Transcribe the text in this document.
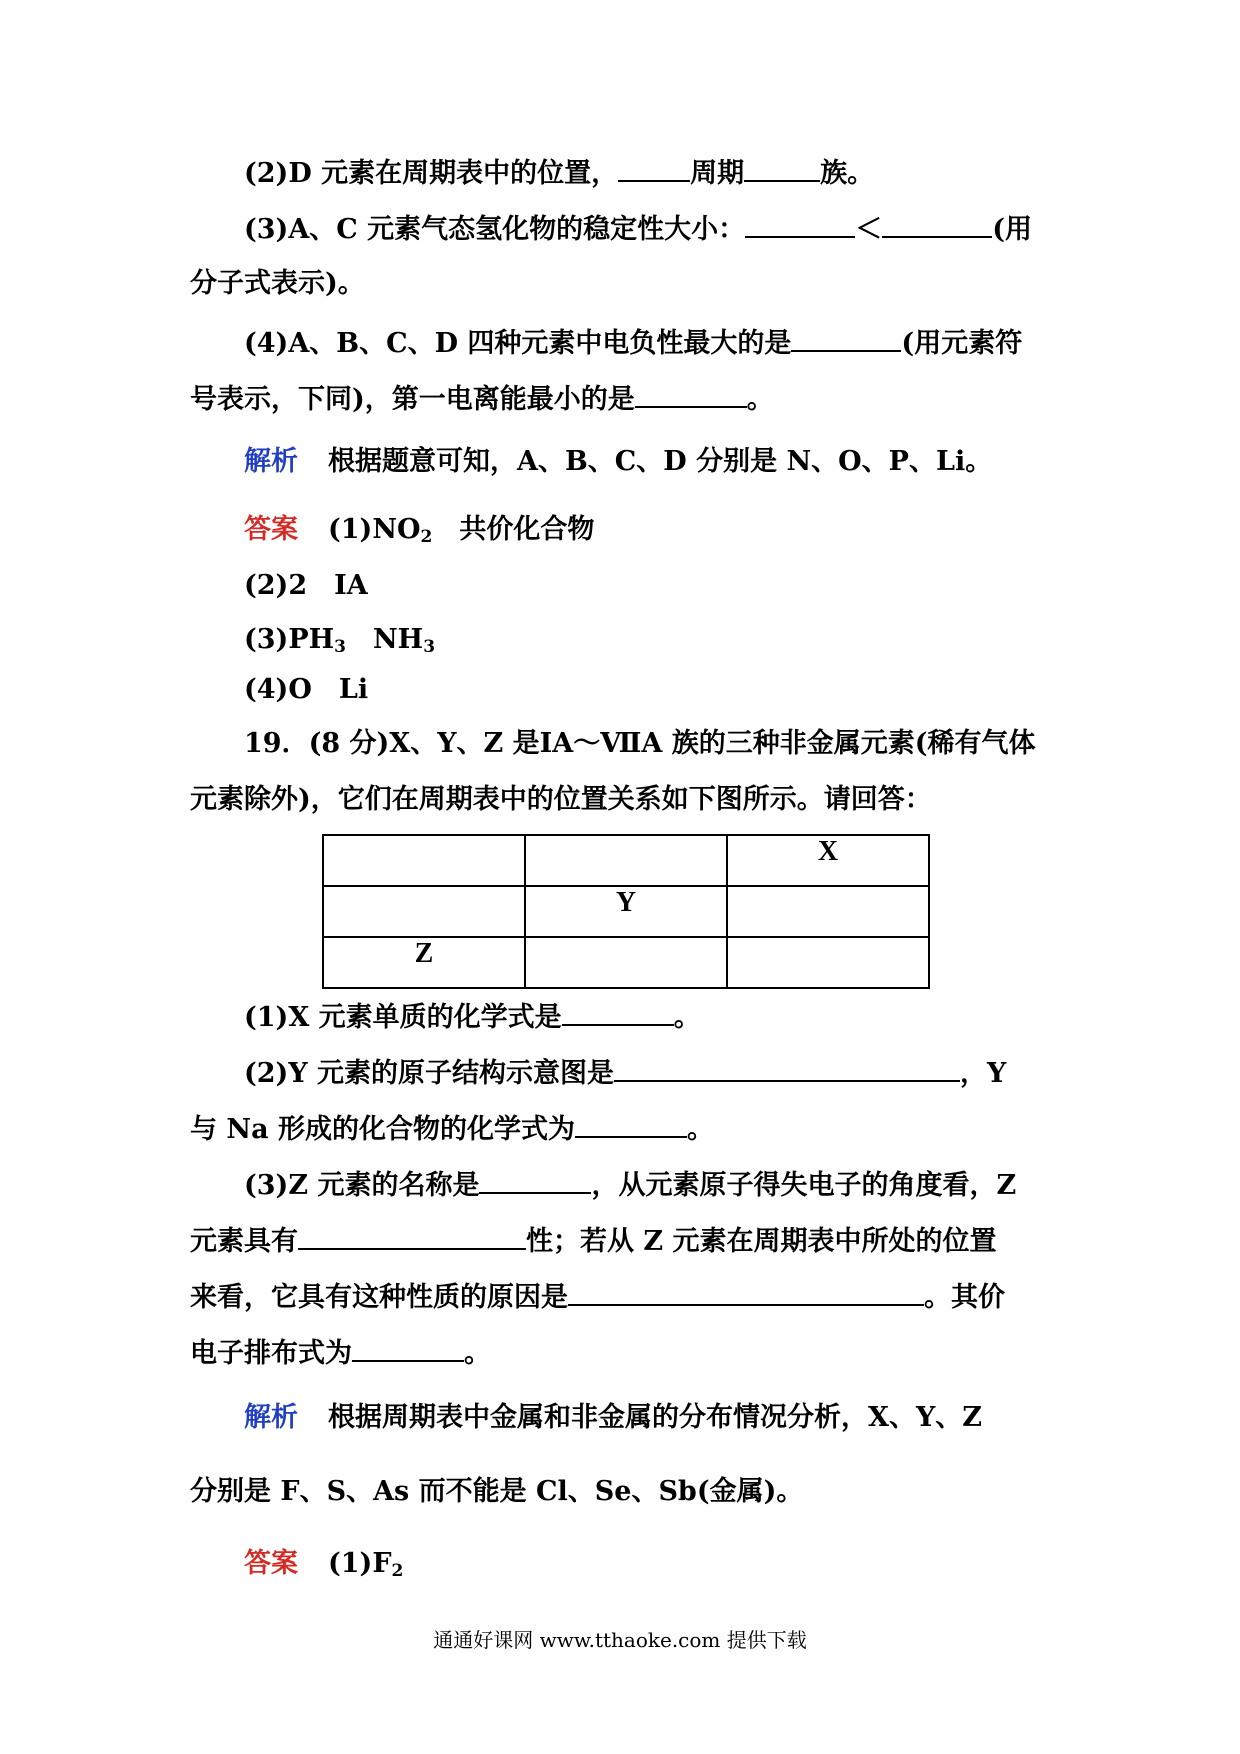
(2)D 元素在周期表中的位置，	周期	族。
(3)A、C 元素气态氢化物的稳定性大小：	＜	(用
分子式表示)。
(4)A、B、C、D 四种元素中电负性最大的是	(用元素符
号表示，下同)，第一电离能最小的是	。
解析 根据题意可知，A、B、C、D 分别是 N、O、P、Li。
答案 $(1)NO_2$　共价化合物
(2)2　ⅠA
$(3)PH_3$　$NH_3$
(4)O　Li
19．(8 分)X、Y、Z 是ⅠA～ⅦA 族的三种非金属元素(稀有气体
元素除外)，它们在周期表中的位置关系如下图所示。请回答：
		X
	Y	
Z		
(1)X 元素单质的化学式是	。
(2)Y 元素的原子结构示意图是	，Y
与 Na 形成的化合物的化学式为	。
(3)Z 元素的名称是	，从元素原子得失电子的角度看，Z
元素具有	性；若从 Z 元素在周期表中所处的位置
来看，它具有这种性质的原因是	。其价
电子排布式为	。
解析 根据周期表中金属和非金属的分布情况分析，X、Y、Z
分别是 F、S、As 而不能是 Cl、Se、Sb(金属)。
答案 $(1)F_2$
通通好课网 www.tthaoke.com 提供下载
